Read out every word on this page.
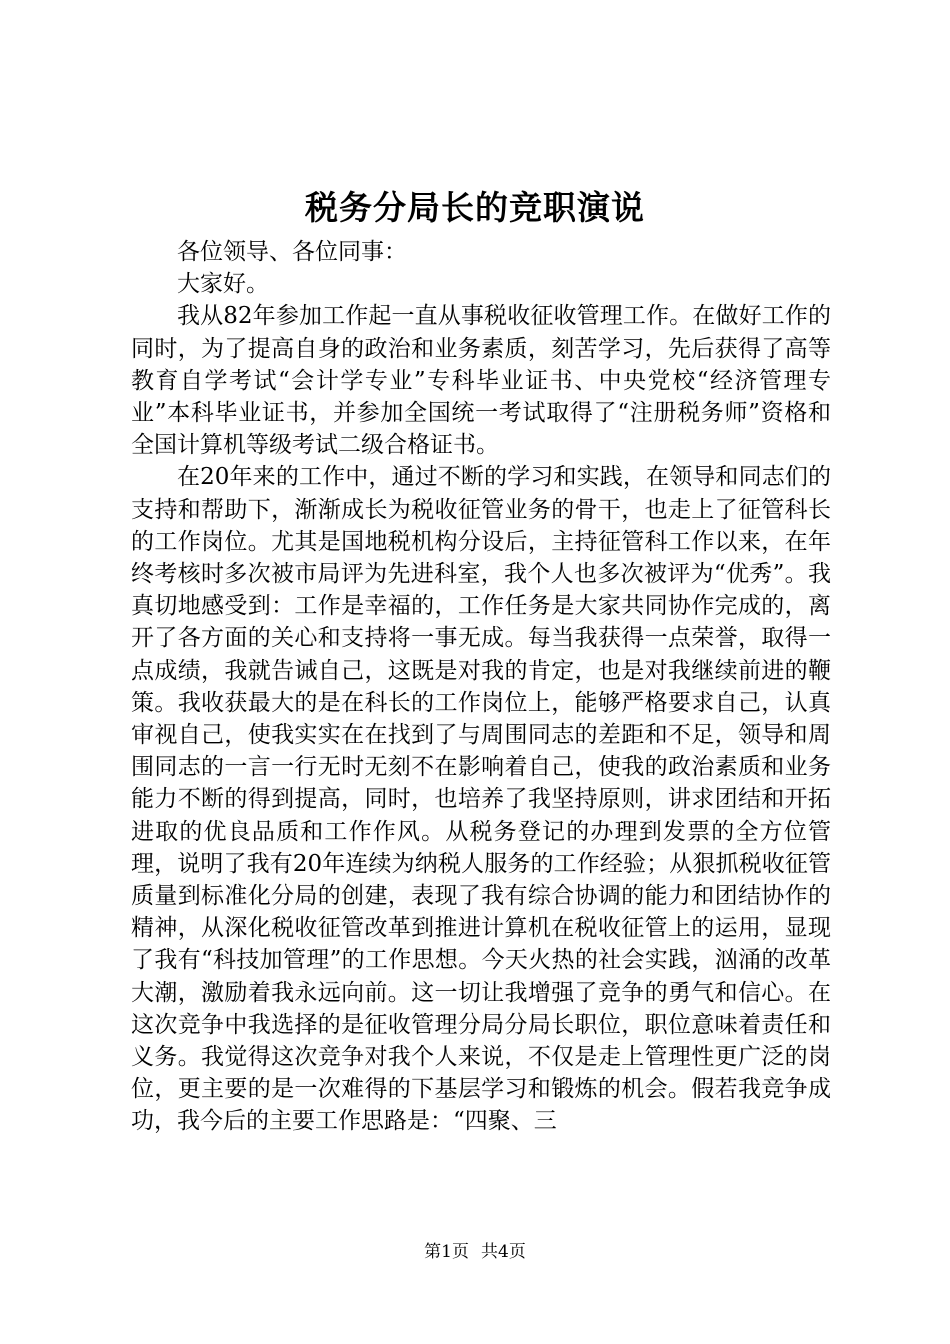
税务分局长的竞职演说

各位领导、各位同事：

大家好。

我从82年参加工作起一直从事税收征收管理工作。在做好工作的同时，为了提高自身的政治和业务素质，刻苦学习，先后获得了高等教育自学考试“会计学专业”专科毕业证书、中央党校“经济管理专业”本科毕业证书，并参加全国统一考试取得了“注册税务师”资格和全国计算机等级考试二级合格证书。

在20年来的工作中，通过不断的学习和实践，在领导和同志们的支持和帮助下，渐渐成长为税收征管业务的骨干，也走上了征管科长的工作岗位。尤其是国地税机构分设后，主持征管科工作以来，在年终考核时多次被市局评为先进科室，我个人也多次被评为“优秀”。我真切地感受到：工作是幸福的，工作任务是大家共同协作完成的，离开了各方面的关心和支持将一事无成。每当我获得一点荣誉，取得一点成绩，我就告诫自己，这既是对我的肯定，也是对我继续前进的鞭策。我收获最大的是在科长的工作岗位上，能够严格要求自己，认真审视自己，使我实实在在找到了与周围同志的差距和不足，领导和周围同志的一言一行无时无刻不在影响着自己，使我的政治素质和业务能力不断的得到提高，同时，也培养了我坚持原则，讲求团结和开拓进取的优良品质和工作作风。从税务登记的办理到发票的全方位管理，说明了我有20年连续为纳税人服务的工作经验；从狠抓税收征管质量到标准化分局的创建，表现了我有综合协调的能力和团结协作的精神，从深化税收征管改革到推进计算机在税收征管上的运用，显现了我有“科技加管理”的工作思想。今天火热的社会实践，汹涌的改革大潮，激励着我永远向前。这一切让我增强了竞争的勇气和信心。在这次竞争中我选择的是征收管理分局分局长职位，职位意味着责任和义务。我觉得这次竞争对我个人来说，不仅是走上管理性更广泛的岗位，更主要的是一次难得的下基层学习和锻炼的机会。假若我竞争成功，我今后的主要工作思路是：“四聚、三

第1页 共4页
